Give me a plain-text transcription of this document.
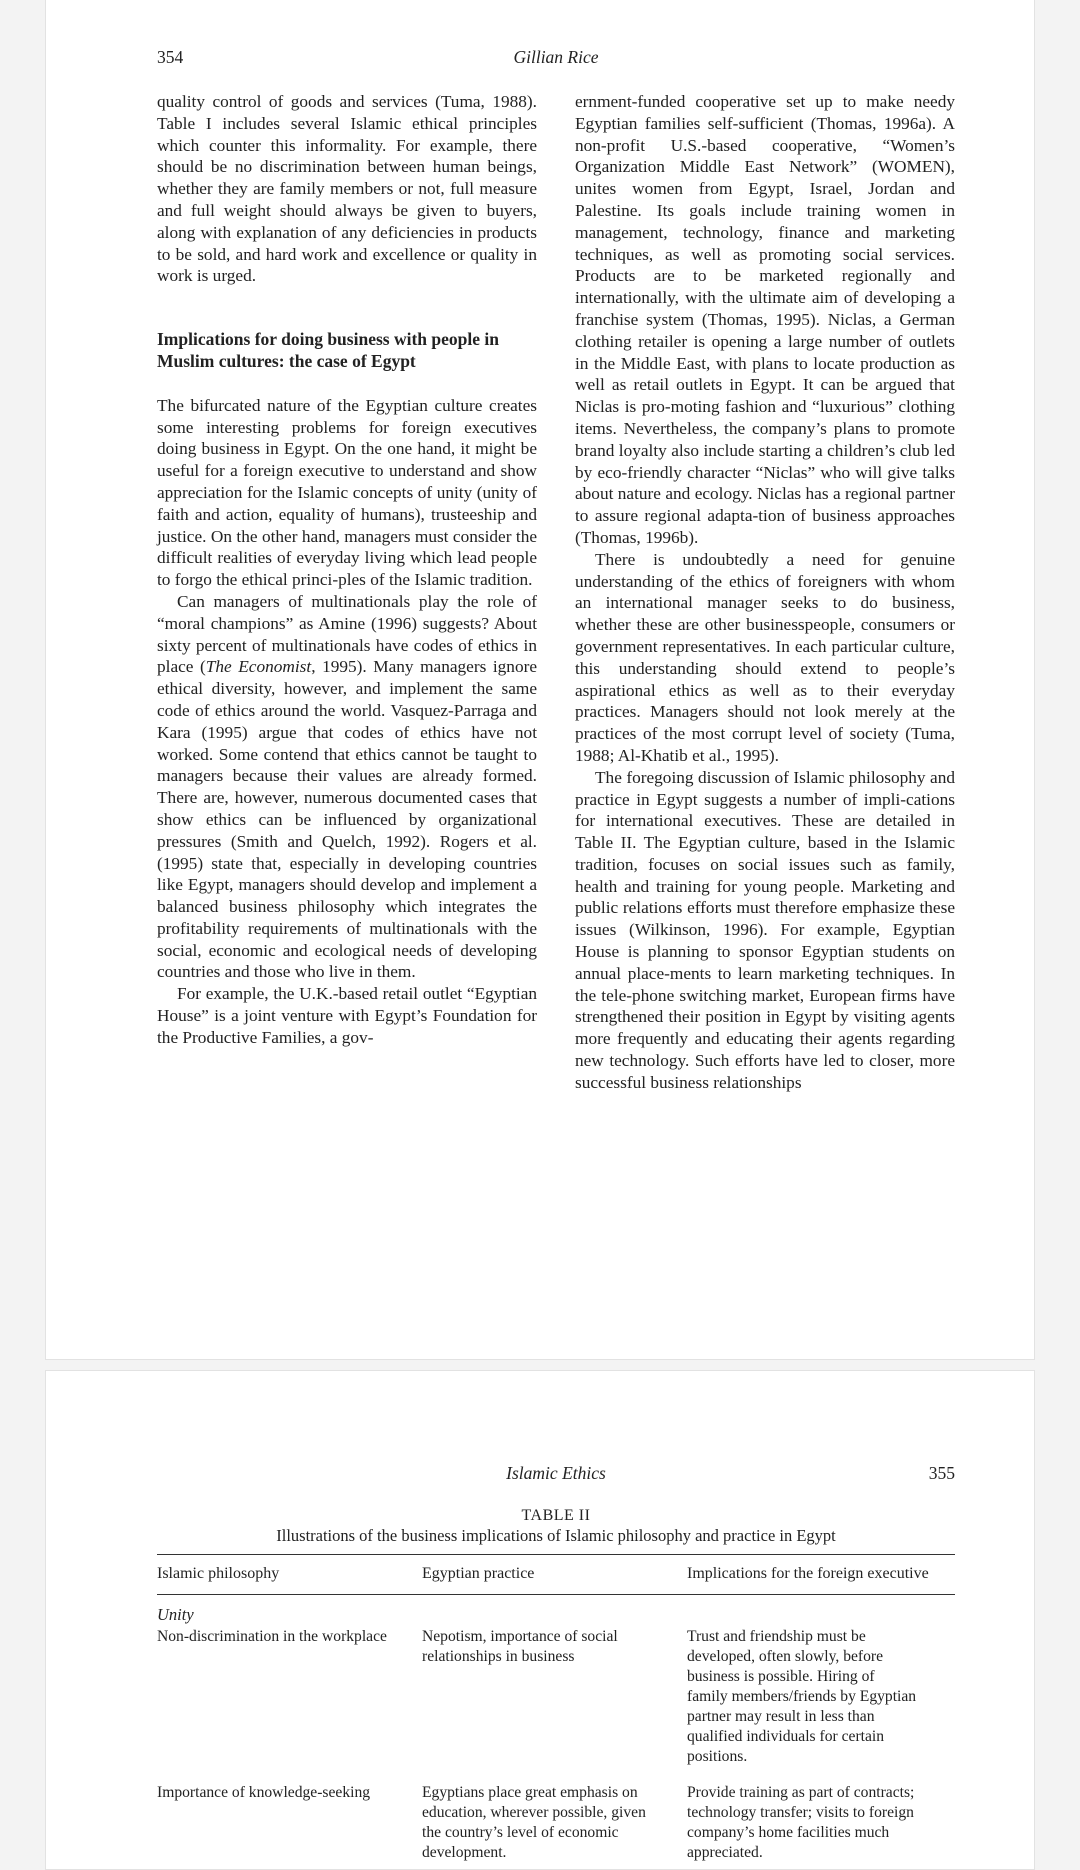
354	Gillian Rice

quality control of goods and services (Tuma, 1988). Table I includes several Islamic ethical principles which counter this informality. For example, there should be no discrimination between human beings, whether they are family members or not, full measure and full weight should always be given to buyers, along with explanation of any deficiencies in products to be sold, and hard work and excellence or quality in work is urged.

Implications for doing business with people in Muslim cultures: the case of Egypt

The bifurcated nature of the Egyptian culture creates some interesting problems for foreign executives doing business in Egypt. On the one hand, it might be useful for a foreign executive to understand and show appreciation for the Islamic concepts of unity (unity of faith and action, equality of humans), trusteeship and justice. On the other hand, managers must consider the difficult realities of everyday living which lead people to forgo the ethical princi-ples of the Islamic tradition.

Can managers of multinationals play the role of “moral champions” as Amine (1996) suggests? About sixty percent of multinationals have codes of ethics in place (The Economist, 1995). Many managers ignore ethical diversity, however, and implement the same code of ethics around the world. Vasquez-Parraga and Kara (1995) argue that codes of ethics have not worked. Some contend that ethics cannot be taught to managers because their values are already formed. There are, however, numerous documented cases that show ethics can be influenced by organizational pressures (Smith and Quelch, 1992). Rogers et al. (1995) state that, especially in developing countries like Egypt, managers should develop and implement a balanced business philosophy which integrates the profitability requirements of multinationals with the social, economic and ecological needs of developing countries and those who live in them.

For example, the U.K.-based retail outlet “Egyptian House” is a joint venture with Egypt’s Foundation for the Productive Families, a gov-

ernment-funded cooperative set up to make needy Egyptian families self-sufficient (Thomas, 1996a). A non-profit U.S.-based cooperative, “Women’s Organization Middle East Network” (WOMEN), unites women from Egypt, Israel, Jordan and Palestine. Its goals include training women in management, technology, finance and marketing techniques, as well as promoting social services. Products are to be marketed regionally and internationally, with the ultimate aim of developing a franchise system (Thomas, 1995). Niclas, a German clothing retailer is opening a large number of outlets in the Middle East, with plans to locate production as well as retail outlets in Egypt. It can be argued that Niclas is pro-moting fashion and “luxurious” clothing items. Nevertheless, the company’s plans to promote brand loyalty also include starting a children’s club led by eco-friendly character “Niclas” who will give talks about nature and ecology. Niclas has a regional partner to assure regional adapta-tion of business approaches (Thomas, 1996b).

There is undoubtedly a need for genuine understanding of the ethics of foreigners with whom an international manager seeks to do business, whether these are other businesspeople, consumers or government representatives. In each particular culture, this understanding should extend to people’s aspirational ethics as well as to their everyday practices. Managers should not look merely at the practices of the most corrupt level of society (Tuma, 1988; Al-Khatib et al., 1995).

The foregoing discussion of Islamic philosophy and practice in Egypt suggests a number of impli-cations for international executives. These are detailed in Table II. The Egyptian culture, based in the Islamic tradition, focuses on social issues such as family, health and training for young people. Marketing and public relations efforts must therefore emphasize these issues (Wilkinson, 1996). For example, Egyptian House is planning to sponsor Egyptian students on annual place-ments to learn marketing techniques. In the tele-phone switching market, European firms have strengthened their position in Egypt by visiting agents more frequently and educating their agents regarding new technology. Such efforts have led to closer, more successful business relationships

Islamic Ethics	355
TABLE II
Illustrations of the business implications of Islamic philosophy and practice in Egypt
Islamic philosophy	Egyptian practice	Implications for the foreign executive
Unity		

Non-discrimination in the workplace	Nepotism, importance of social relationships in business	Trust and friendship must be developed, often slowly, before business is possible. Hiring of family members/friends by Egyptian partner may result in less than qualified individuals for certain positions.

Importance of knowledge-seeking	Egyptians place great emphasis on education, wherever possible, given the country’s level of economic development.	Provide training as part of contracts; technology transfer; visits to foreign company’s home facilities much appreciated.
